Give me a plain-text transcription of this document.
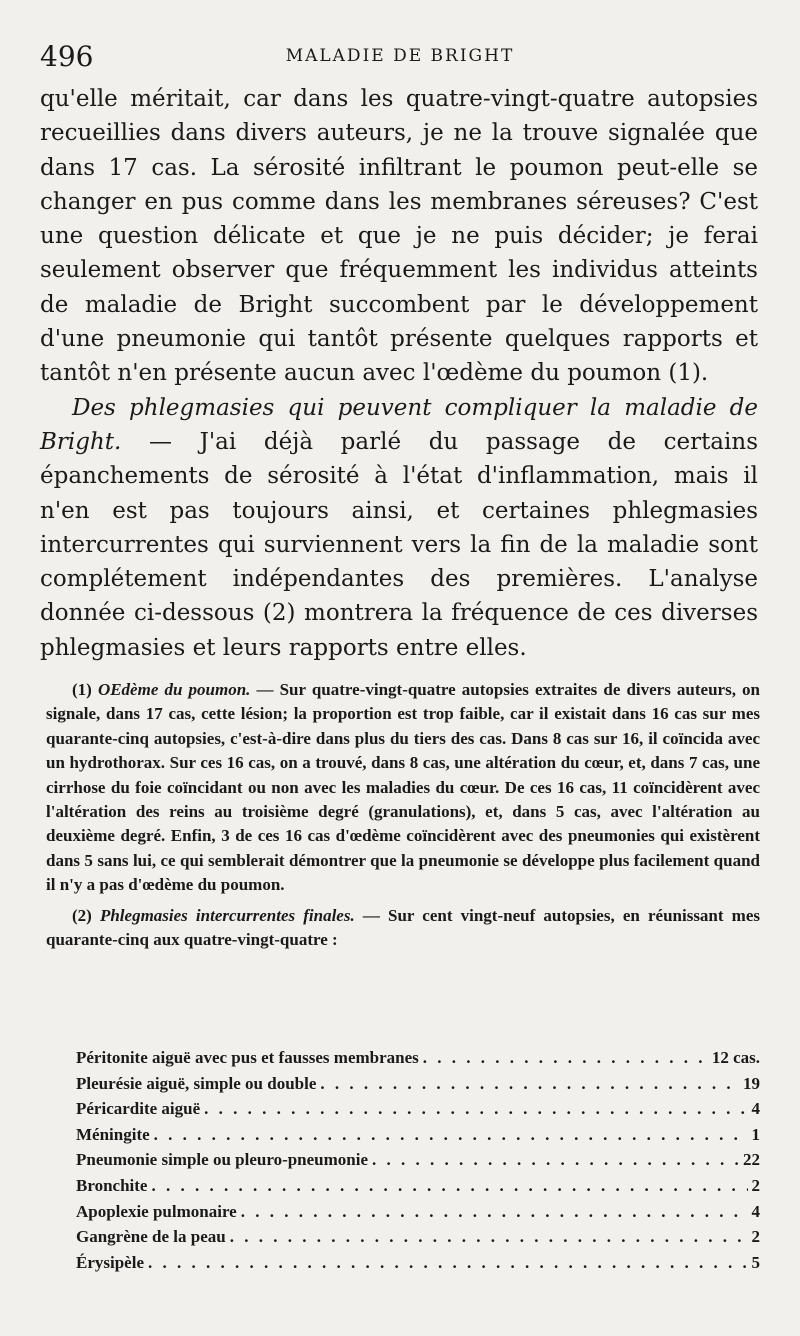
496	MALADIE DE BRIGHT

qu'elle méritait, car dans les quatre-vingt-quatre autopsies recueillies dans divers auteurs, je ne la trouve signalée que dans 17 cas. La sérosité infiltrant le poumon peut-elle se changer en pus comme dans les membranes séreuses? C'est une question délicate et que je ne puis décider; je ferai seulement observer que fréquemment les individus atteints de maladie de Bright succombent par le développement d'une pneumonie qui tantôt présente quelques rapports et tantôt n'en présente aucun avec l'œdème du poumon (1).

Des phlegmasies qui peuvent compliquer la maladie de Bright. — J'ai déjà parlé du passage de certains épanchements de sérosité à l'état d'inflammation, mais il n'en est pas toujours ainsi, et certaines phlegmasies intercurrentes qui surviennent vers la fin de la maladie sont complétement indépendantes des premières. L'analyse donnée ci-dessous (2) montrera la fréquence de ces diverses phlegmasies et leurs rapports entre elles.

(1) OEdème du poumon. — Sur quatre-vingt-quatre autopsies extraites de divers auteurs, on signale, dans 17 cas, cette lésion; la proportion est trop faible, car il existait dans 16 cas sur mes quarante-cinq autopsies, c'est-à-dire dans plus du tiers des cas. Dans 8 cas sur 16, il coïncida avec un hydrothorax. Sur ces 16 cas, on a trouvé, dans 8 cas, une altération du cœur, et, dans 7 cas, une cirrhose du foie coïncidant ou non avec les maladies du cœur. De ces 16 cas, 11 coïncidèrent avec l'altération des reins au troisième degré (granulations), et, dans 5 cas, avec l'altération au deuxième degré. Enfin, 3 de ces 16 cas d'œdème coïncidèrent avec des pneumonies qui existèrent dans 5 sans lui, ce qui semblerait démontrer que la pneumonie se développe plus facilement quand il n'y a pas d'œdème du poumon.

(2) Phlegmasies intercurrentes finales. — Sur cent vingt-neuf autopsies, en réunissant mes quarante-cinq aux quatre-vingt-quatre :

Péritonite aiguë avec pus et fausses membranes . . .	12 cas.
Pleurésie aiguë, simple ou double . . .	19
Péricardite aiguë . . .	4
Méningite . . .	1
Pneumonie simple ou pleuro-pneumonie . . .	22
Bronchite . . .	2
Apoplexie pulmonaire . . .	4
Gangrène de la peau . . .	2
Érysipèle . . .	5
